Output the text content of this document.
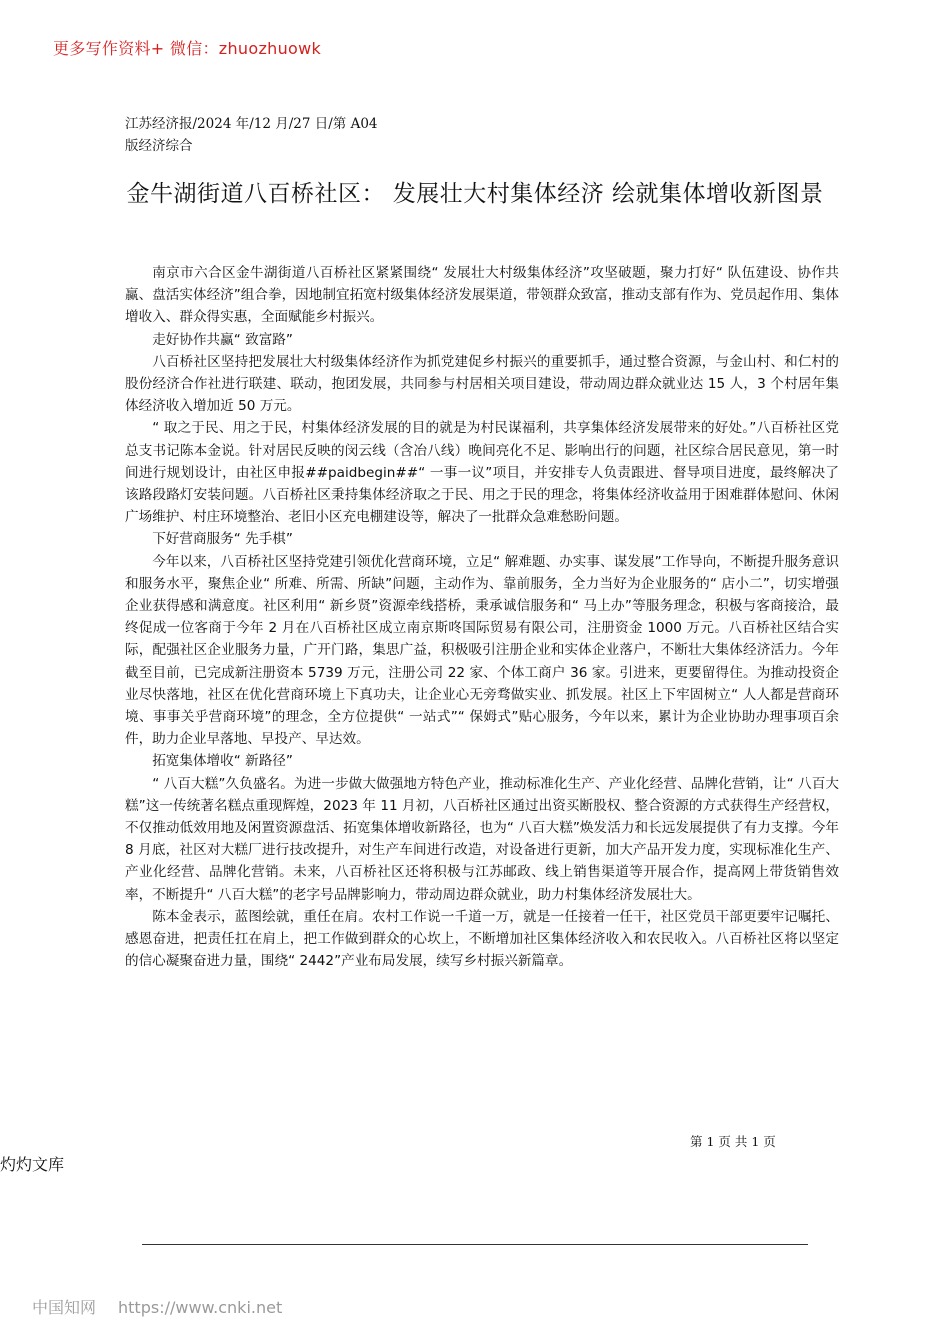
更多写作资料+ 微信：zhuozhuowk
江苏经济报/2024 年/12 月/27 日/第 A04
版经济综合
金牛湖街道八百桥社区： 发展壮大村集体经济 绘就集体增收新图景

南京市六合区金牛湖街道八百桥社区紧紧围绕“ 发展壮大村级集体经济”攻坚破题，聚力打好“ 队伍建设、协作共赢、盘活实体经济”组合拳，因地制宜拓宽村级集体经济发展渠道，带领群众致富，推动支部有作为、党员起作用、集体增收入、群众得实惠，全面赋能乡村振兴。

走好协作共赢“ 致富路”

八百桥社区坚持把发展壮大村级集体经济作为抓党建促乡村振兴的重要抓手，通过整合资源，与金山村、和仁村的股份经济合作社进行联建、联动，抱团发展，共同参与村居相关项目建设，带动周边群众就业达 15 人，3 个村居年集体经济收入增加近 50 万元。

“ 取之于民、用之于民，村集体经济发展的目的就是为村民谋福利，共享集体经济发展带来的好处。”八百桥社区党总支书记陈本金说。针对居民反映的闵云线（含冶八线）晚间亮化不足、影响出行的问题，社区综合居民意见，第一时间进行规划设计，由社区申报##paidbegin##“ 一事一议”项目，并安排专人负责跟进、督导项目进度，最终解决了该路段路灯安装问题。八百桥社区秉持集体经济取之于民、用之于民的理念，将集体经济收益用于困难群体慰问、休闲广场维护、村庄环境整治、老旧小区充电棚建设等，解决了一批群众急难愁盼问题。

下好营商服务“ 先手棋”

今年以来，八百桥社区坚持党建引领优化营商环境，立足“ 解难题、办实事、谋发展”工作导向，不断提升服务意识和服务水平，聚焦企业“ 所难、所需、所缺”问题，主动作为、靠前服务，全力当好为企业服务的“ 店小二”，切实增强企业获得感和满意度。社区利用“ 新乡贤”资源牵线搭桥，秉承诚信服务和“ 马上办”等服务理念，积极与客商接洽，最终促成一位客商于今年 2 月在八百桥社区成立南京斯咚国际贸易有限公司，注册资金 1000 万元。八百桥社区结合实际，配强社区企业服务力量，广开门路，集思广益，积极吸引注册企业和实体企业落户，不断壮大集体经济活力。今年截至目前，已完成新注册资本 5739 万元，注册公司 22 家、个体工商户 36 家。引进来，更要留得住。为推动投资企业尽快落地，社区在优化营商环境上下真功夫，让企业心无旁骛做实业、抓发展。社区上下牢固树立“ 人人都是营商环境、事事关乎营商环境”的理念，全方位提供“ 一站式”“ 保姆式”贴心服务，今年以来，累计为企业协助办理事项百余件，助力企业早落地、早投产、早达效。

拓宽集体增收“ 新路径”

“ 八百大糕”久负盛名。为进一步做大做强地方特色产业，推动标准化生产、产业化经营、品牌化营销，让“ 八百大糕”这一传统著名糕点重现辉煌，2023 年 11 月初，八百桥社区通过出资买断股权、整合资源的方式获得生产经营权，不仅推动低效用地及闲置资源盘活、拓宽集体增收新路径，也为“ 八百大糕”焕发活力和长远发展提供了有力支撑。今年 8 月底，社区对大糕厂进行技改提升，对生产车间进行改造，对设备进行更新，加大产品开发力度，实现标准化生产、产业化经营、品牌化营销。未来，八百桥社区还将积极与江苏邮政、线上销售渠道等开展合作，提高网上带货销售效率，不断提升“ 八百大糕”的老字号品牌影响力，带动周边群众就业，助力村集体经济发展壮大。

陈本金表示，蓝图绘就，重任在肩。农村工作说一千道一万，就是一任接着一任干，社区党员干部更要牢记嘱托、感恩奋进，把责任扛在肩上，把工作做到群众的心坎上，不断增加社区集体经济收入和农民收入。八百桥社区将以坚定的信心凝聚奋进力量，围绕“ 2442”产业布局发展，续写乡村振兴新篇章。

第 1 页 共 1 页
灼灼文库
中国知网 https://www.cnki.net
